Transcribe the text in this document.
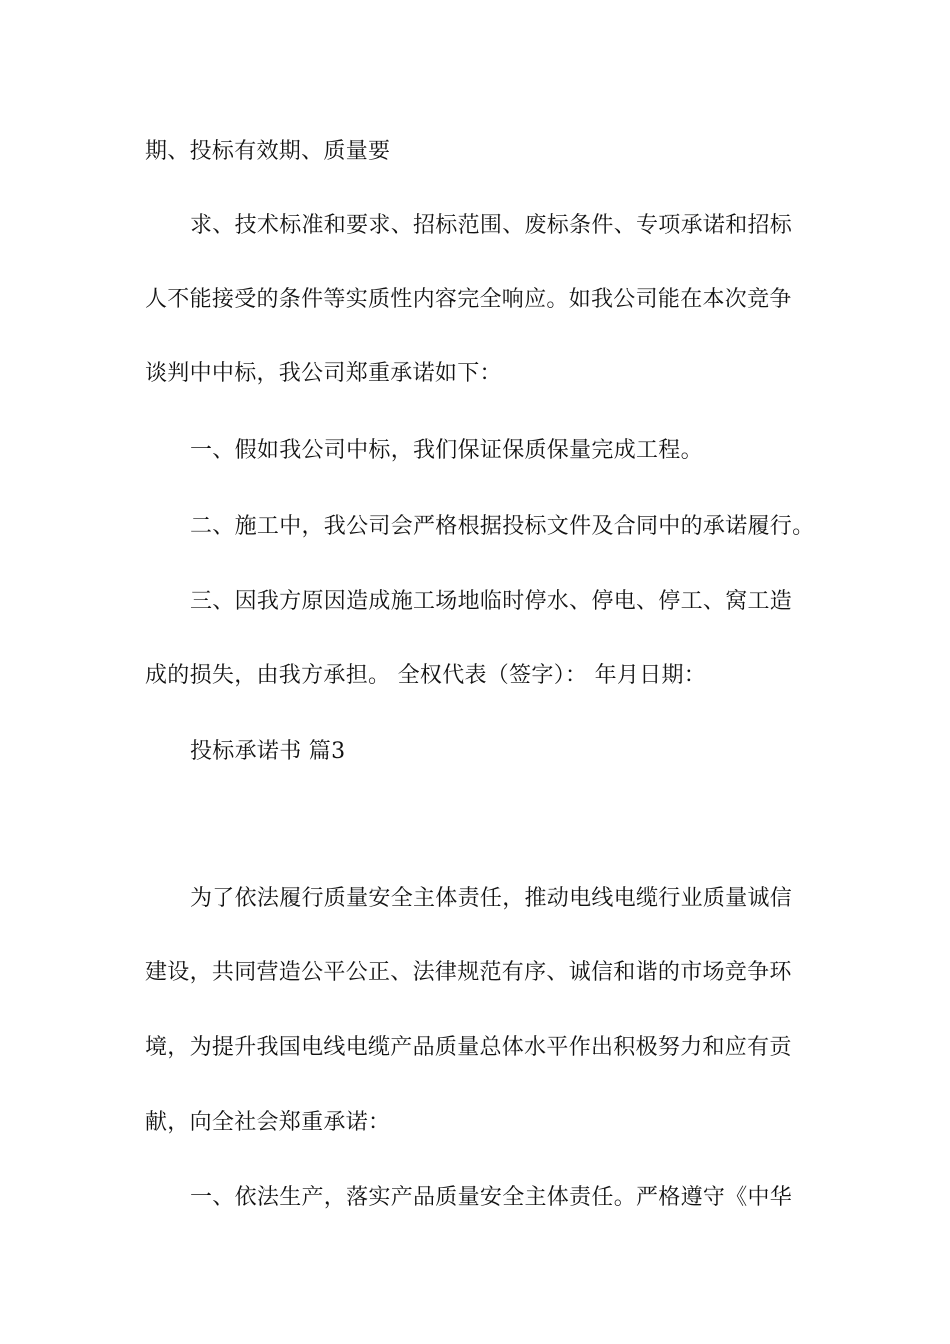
期、投标有效期、质量要
求、技术标准和要求、招标范围、废标条件、专项承诺和招标
人不能接受的条件等实质性内容完全响应。如我公司能在本次竞争
谈判中中标，我公司郑重承诺如下：
一、假如我公司中标，我们保证保质保量完成工程。
二、施工中，我公司会严格根据投标文件及合同中的承诺履行。
三、因我方原因造成施工场地临时停水、停电、停工、窝工造
成的损失，由我方承担。 全权代表（签字）： 年月日期：
投标承诺书 篇3
为了依法履行质量安全主体责任，推动电线电缆行业质量诚信
建设，共同营造公平公正、法律规范有序、诚信和谐的市场竞争环
境，为提升我国电线电缆产品质量总体水平作出积极努力和应有贡
献，向全社会郑重承诺：
一、依法生产，落实产品质量安全主体责任。严格遵守《中华
